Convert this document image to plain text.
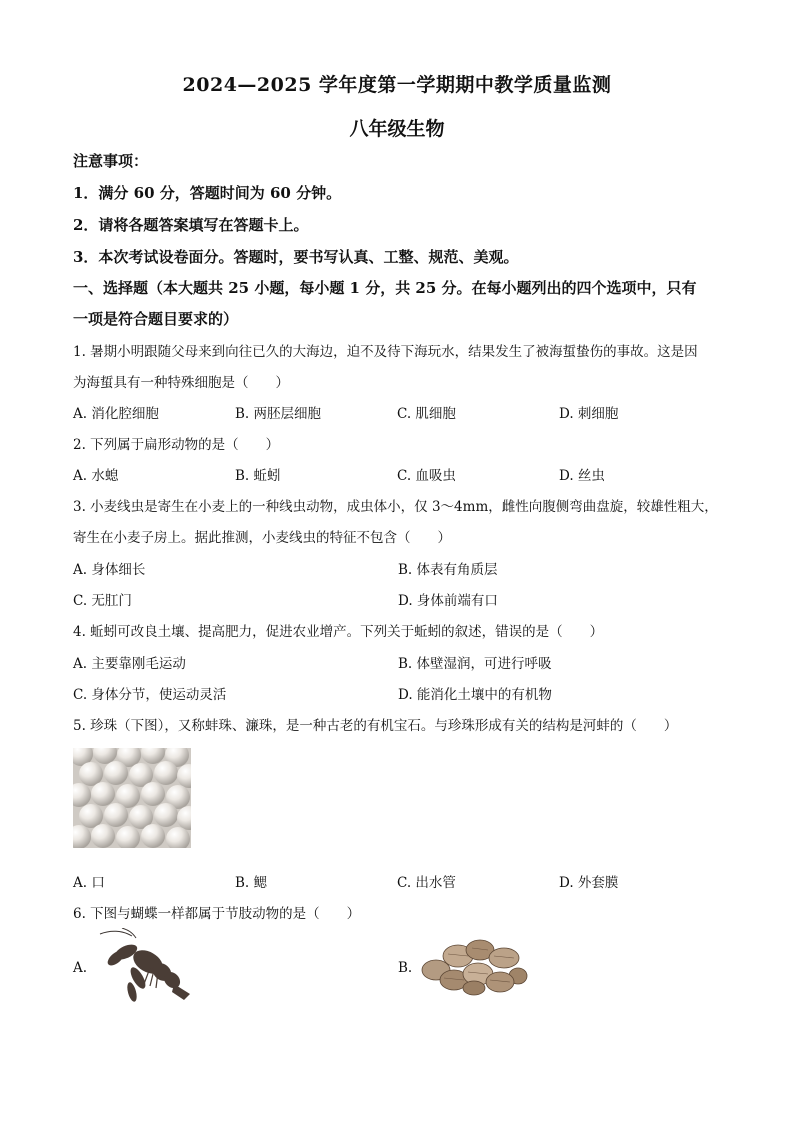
2024—2025 学年度第一学期期中教学质量监测
八年级生物
注意事项：
1．满分 60 分，答题时间为 60 分钟。
2．请将各题答案填写在答题卡上。
3．本次考试设卷面分。答题时，要书写认真、工整、规范、美观。
一、选择题（本大题共 25 小题，每小题 1 分，共 25 分。在每小题列出的四个选项中，只有
一项是符合题目要求的）
1. 暑期小明跟随父母来到向往已久的大海边，迫不及待下海玩水，结果发生了被海蜇蛰伤的事故。这是因
为海蜇具有一种特殊细胞是（　　）
A. 消化腔细胞	B. 两胚层细胞	C. 肌细胞	D. 刺细胞
2. 下列属于扁形动物的是（　　）
A. 水螅	B. 蚯蚓	C. 血吸虫	D. 丝虫
3. 小麦线虫是寄生在小麦上的一种线虫动物，成虫体小，仅 3～4mm，雌性向腹侧弯曲盘旋，较雄性粗大，
寄生在小麦子房上。据此推测，小麦线虫的特征不包含（　　）
A. 身体细长	B. 体表有角质层
C. 无肛门	D. 身体前端有口
4. 蚯蚓可改良土壤、提高肥力，促进农业增产。下列关于蚯蚓的叙述，错误的是（　　）
A. 主要靠刚毛运动	B. 体壁湿润，可进行呼吸
C. 身体分节，使运动灵活	D. 能消化土壤中的有机物
5. 珍珠（下图），又称蚌珠、濂珠，是一种古老的有机宝石。与珍珠形成有关的结构是河蚌的（　　）
A. 口	B. 鳃	C. 出水管	D. 外套膜
6. 下图与蝴蝶一样都属于节肢动物的是（　　）
A.	B.
